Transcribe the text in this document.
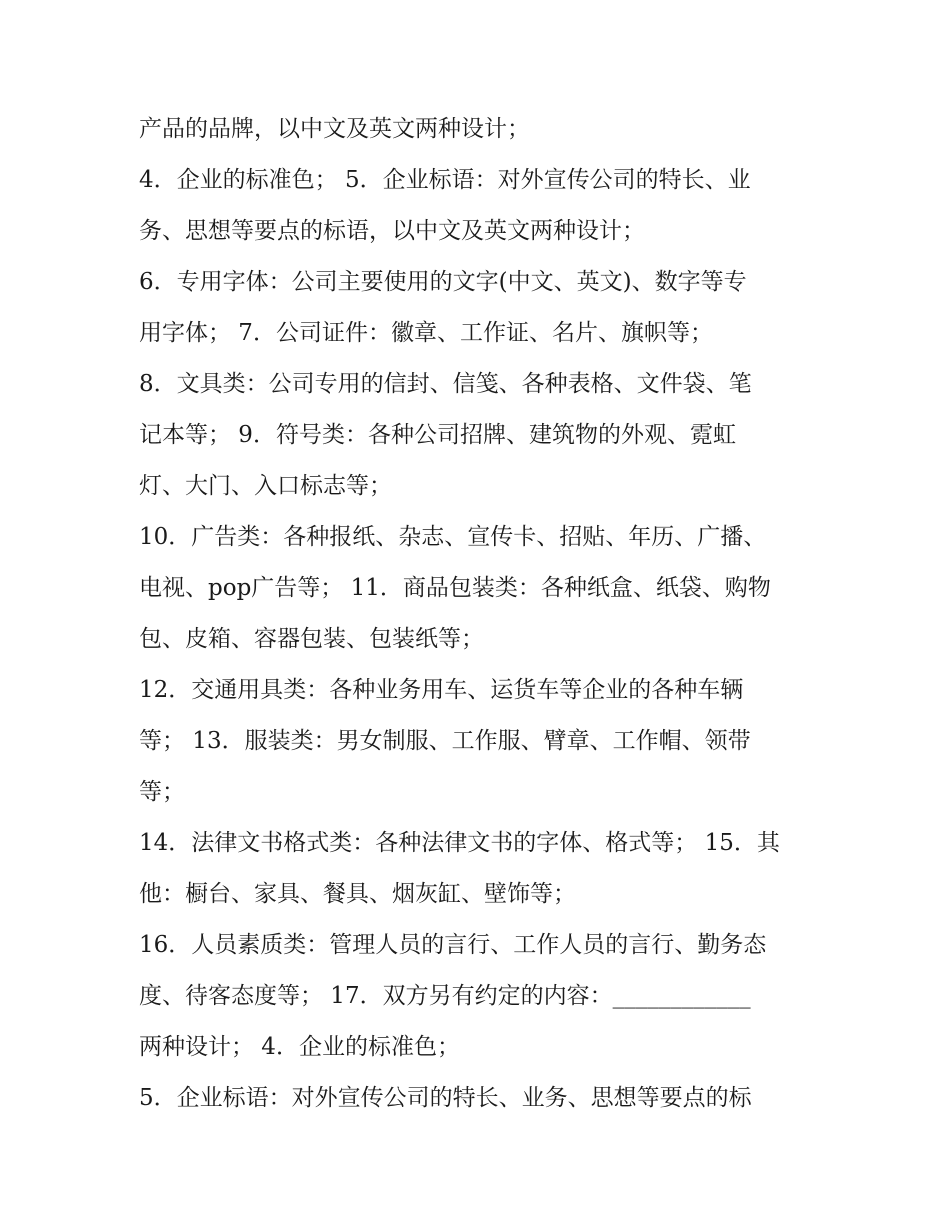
产品的品牌，以中文及英文两种设计；
4．企业的标准色； 5．企业标语：对外宣传公司的特长、业
务、思想等要点的标语，以中文及英文两种设计；
6．专用字体：公司主要使用的文字(中文、英文)、数字等专
用字体； 7．公司证件：徽章、工作证、名片、旗帜等；
8．文具类：公司专用的信封、信笺、各种表格、文件袋、笔
记本等； 9．符号类：各种公司招牌、建筑物的外观、霓虹
灯、大门、入口标志等；
10．广告类：各种报纸、杂志、宣传卡、招贴、年历、广播、
电视、pop广告等； 11．商品包装类：各种纸盒、纸袋、购物
包、皮箱、容器包装、包装纸等；
12．交通用具类：各种业务用车、运货车等企业的各种车辆
等； 13．服装类：男女制服、工作服、臂章、工作帽、领带
等；
14．法律文书格式类：各种法律文书的字体、格式等； 15．其
他：橱台、家具、餐具、烟灰缸、壁饰等；
16．人员素质类：管理人员的言行、工作人员的言行、勤务态
度、待客态度等； 17．双方另有约定的内容：____________
两种设计； 4．企业的标准色；
5．企业标语：对外宣传公司的特长、业务、思想等要点的标
